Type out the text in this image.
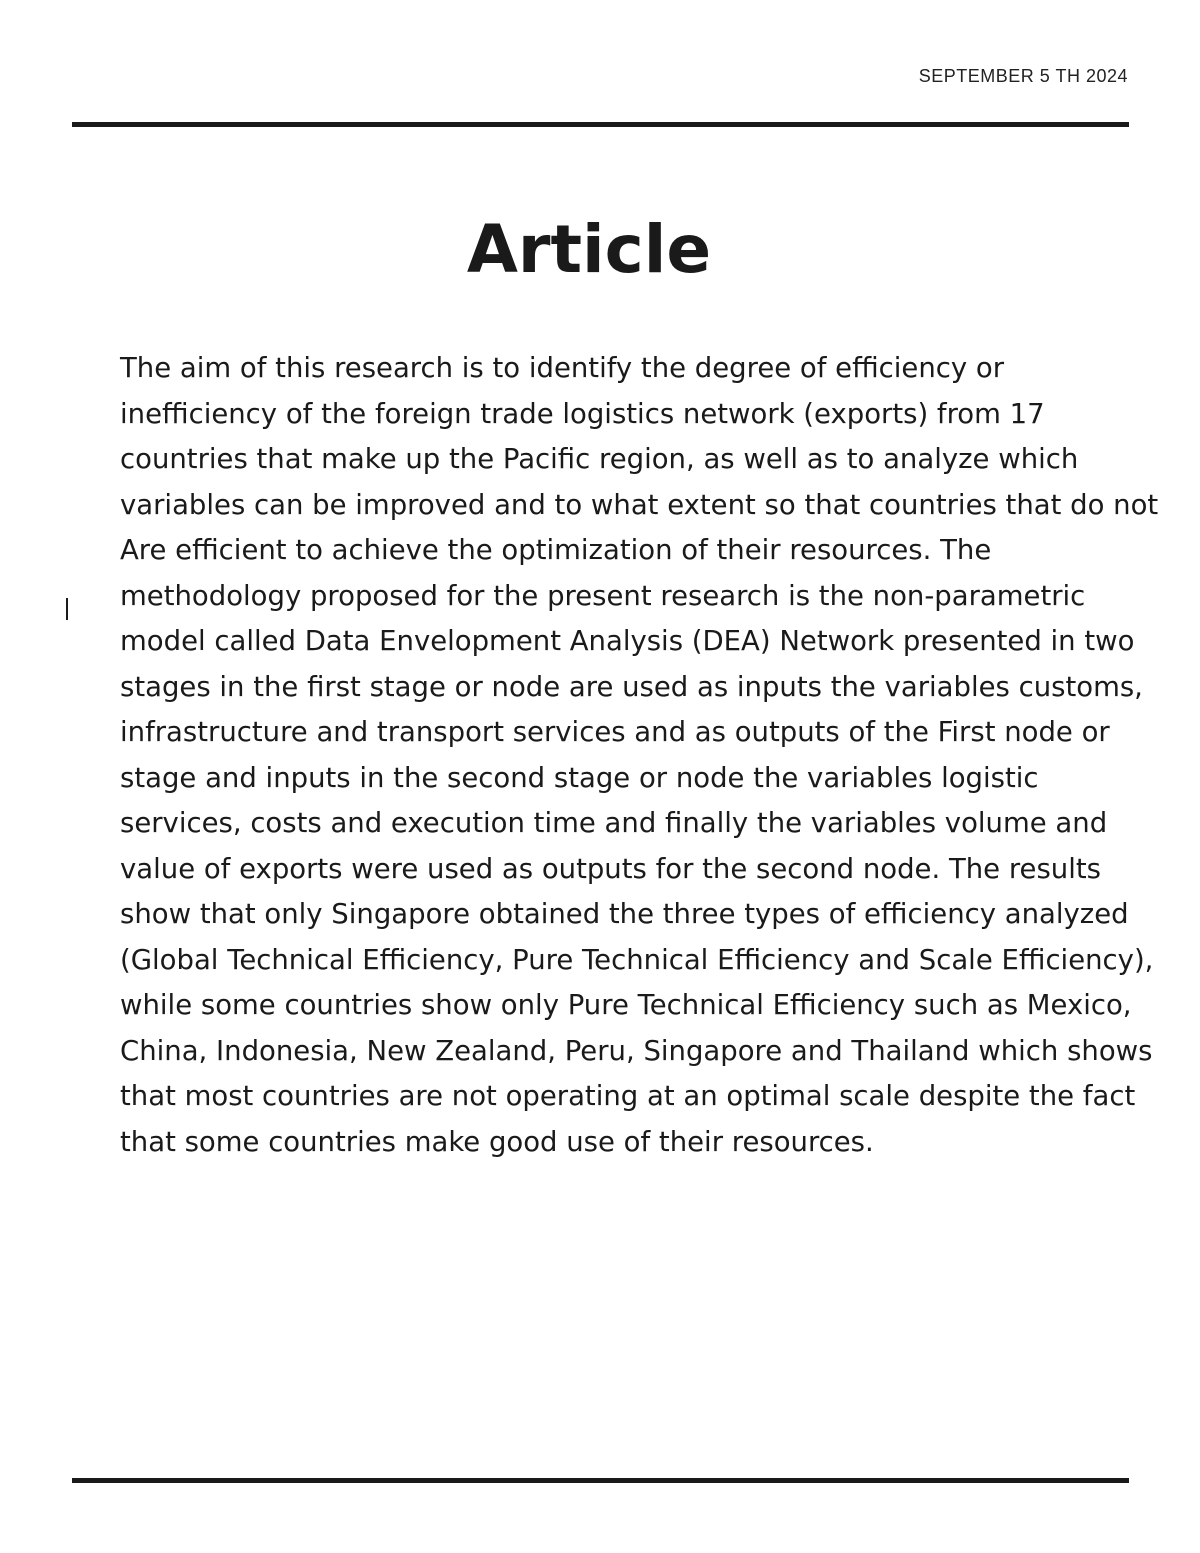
SEPTEMBER 5 TH 2024
Article

The aim of this research is to identify the degree of efficiency or inefficiency of the foreign trade logistics network (exports) from 17 countries that make up the Pacific region, as well as to analyze which variables can be improved and to what extent so that countries that do not Are efficient to achieve the optimization of their resources. The methodology proposed for the present research is the non-parametric model called Data Envelopment Analysis (DEA) Network presented in two stages in the first stage or node are used as inputs the variables customs, infrastructure and transport services and as outputs of the First node or stage and inputs in the second stage or node the variables logistic services, costs and execution time and finally the variables volume and value of exports were used as outputs for the second node. The results show that only Singapore obtained the three types of efficiency analyzed (Global Technical Efficiency, Pure Technical Efficiency and Scale Efficiency), while some countries show only Pure Technical Efficiency such as Mexico, China, Indonesia, New Zealand, Peru, Singapore and Thailand which shows that most countries are not operating at an optimal scale despite the fact that some countries make good use of their resources.
